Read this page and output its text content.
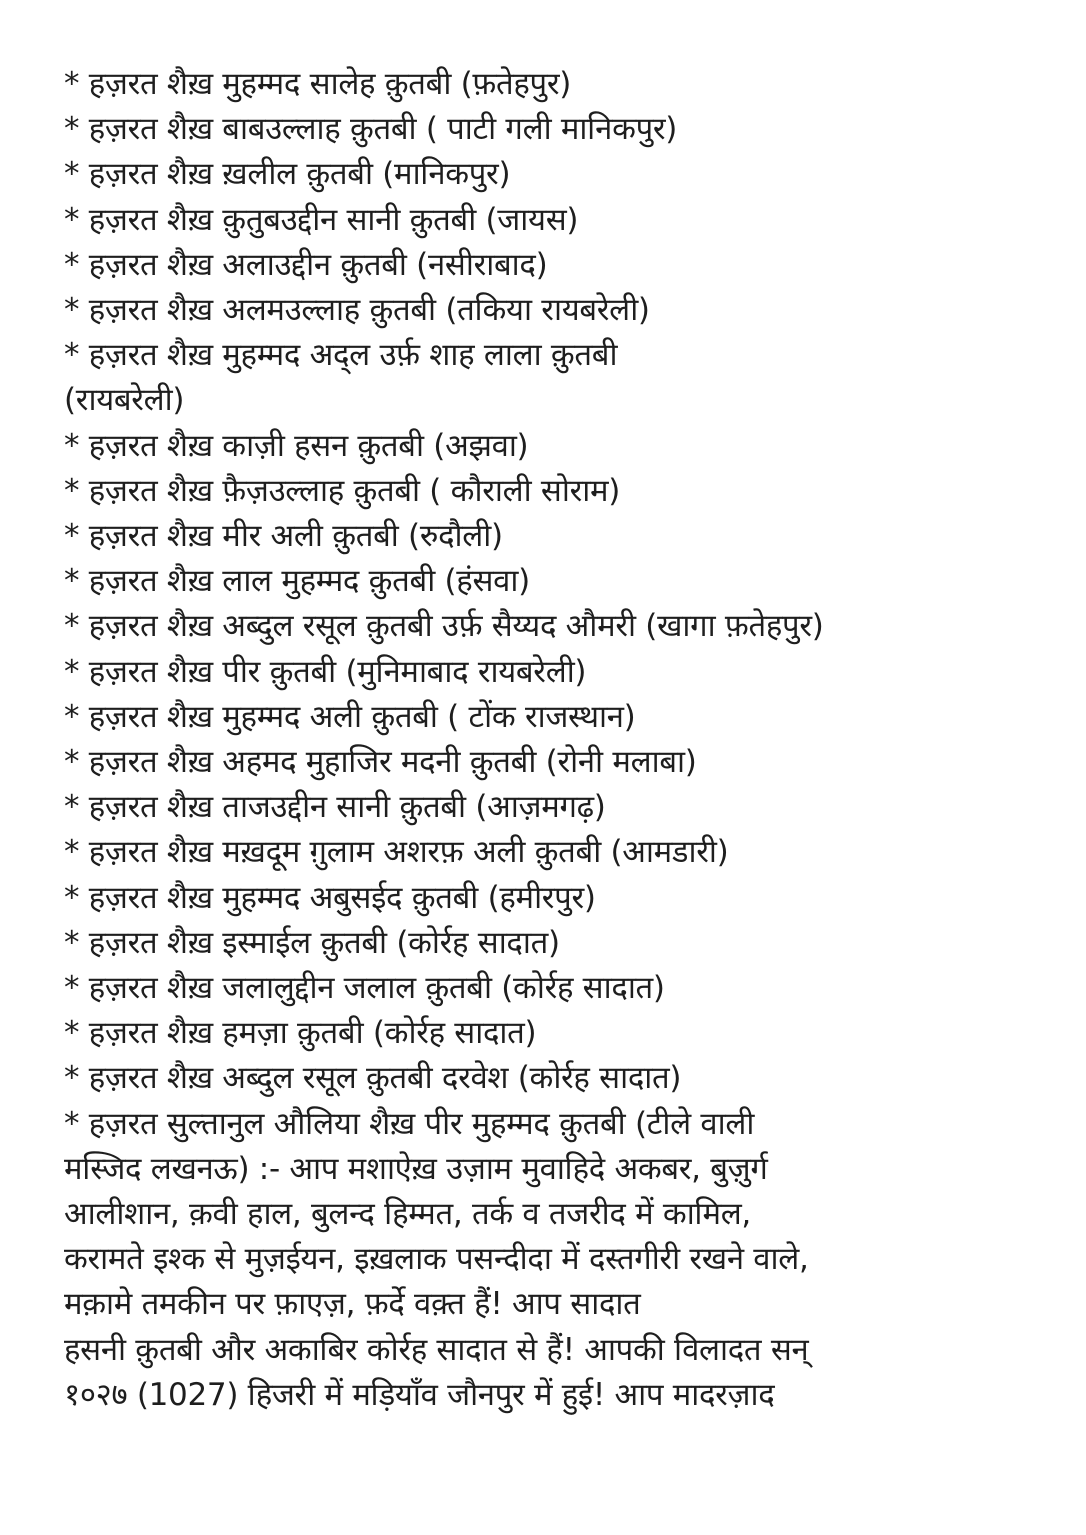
* हज़रत शैख़ मुहम्मद सालेह क़ुतबी (फ़तेहपुर)
* हज़रत शैख़ बाबउल्लाह क़ुतबी ( पाटी गली मानिकपुर)
* हज़रत शैख़ ख़लील क़ुतबी (मानिकपुर)
* हज़रत शैख़ क़ुतुबउद्दीन सानी क़ुतबी (जायस)
* हज़रत शैख़ अलाउद्दीन क़ुतबी (नसीराबाद)
* हज़रत शैख़ अलमउल्लाह क़ुतबी (तकिया रायबरेली)
* हज़रत शैख़ मुहम्मद अद्ल उर्फ़ शाह लाला क़ुतबी
(रायबरेली)
* हज़रत शैख़ काज़ी हसन क़ुतबी (अझवा)
* हज़रत शैख़ फ़ैज़उल्लाह क़ुतबी ( कौराली सोराम)
* हज़रत शैख़ मीर अली क़ुतबी (रुदौली)
* हज़रत शैख़ लाल मुहम्मद क़ुतबी (हंसवा)
* हज़रत शैख़ अब्दुल रसूल क़ुतबी उर्फ़ सैय्यद औमरी (खागा फ़तेहपुर)
* हज़रत शैख़ पीर क़ुतबी (मुनिमाबाद रायबरेली)
* हज़रत शैख़ मुहम्मद अली क़ुतबी ( टोंक राजस्थान)
* हज़रत शैख़ अहमद मुहाजिर मदनी क़ुतबी (रोनी मलाबा)
* हज़रत शैख़ ताजउद्दीन सानी क़ुतबी (आज़मगढ़)
* हज़रत शैख़ मख़दूम ग़ुलाम अशरफ़ अली क़ुतबी (आमडारी)
* हज़रत शैख़ मुहम्मद अबुसईद क़ुतबी (हमीरपुर)
* हज़रत शैख़ इस्माईल क़ुतबी (कोर्रह सादात)
* हज़रत शैख़ जलालुद्दीन जलाल क़ुतबी (कोर्रह सादात)
* हज़रत शैख़ हमज़ा क़ुतबी (कोर्रह सादात)
* हज़रत शैख़ अब्दुल रसूल क़ुतबी दरवेश (कोर्रह सादात)
* हज़रत सुल्तानुल औलिया शैख़ पीर मुहम्मद क़ुतबी (टीले वाली
मस्जिद लखनऊ) :- आप मशाऐख़ उज़ाम मुवाहिदे अकबर, बुज़ुर्ग
आलीशान, क़वी हाल, बुलन्द हिम्मत, तर्क व तजरीद में कामिल,
करामते इश्क से मुज़ईयन, इख़लाक पसन्दीदा में दस्तगीरी रखने वाले,
मक़ामे तमकीन पर फ़ाएज़, फ़र्दे वक़्त हैं! आप सादात
हसनी क़ुतबी और अकाबिर कोर्रह सादात से हैं! आपकी विलादत सन्
१०२७ (1027) हिजरी में मड़ियाँव जौनपुर में हुई! आप मादरज़ाद
